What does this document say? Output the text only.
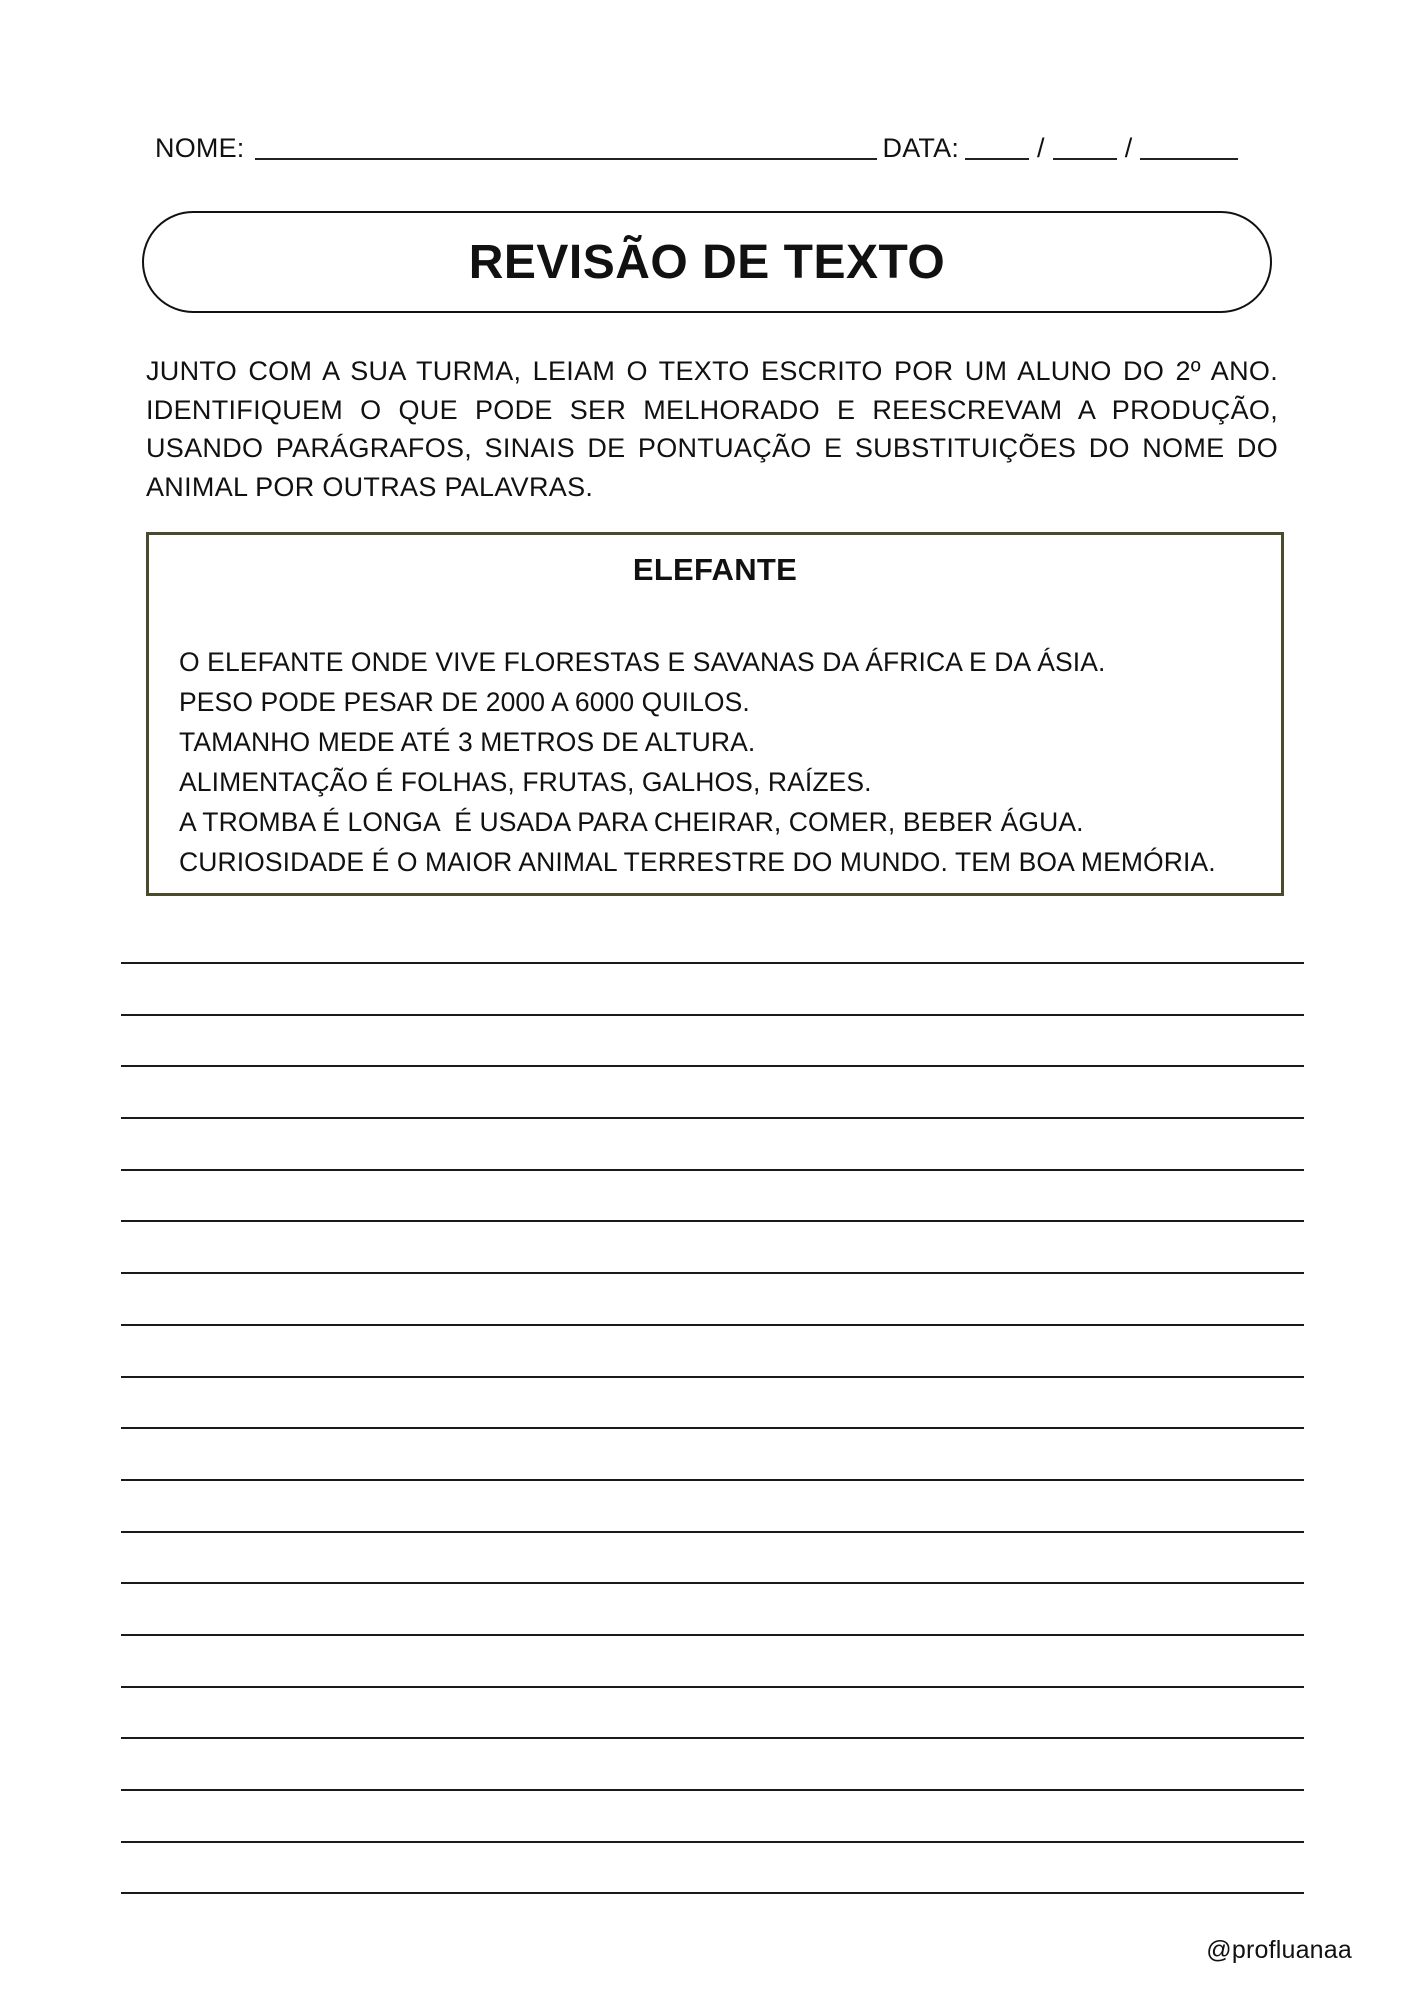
NOME:	DATA:	/	/
REVISÃO DE TEXTO
JUNTO COM A SUA TURMA, LEIAM O TEXTO ESCRITO POR UM ALUNO DO 2º ANO. IDENTIFIQUEM O QUE PODE SER MELHORADO E REESCREVAM A PRODUÇÃO, USANDO PARÁGRAFOS, SINAIS DE PONTUAÇÃO E SUBSTITUIÇÕES DO NOME DO ANIMAL POR OUTRAS PALAVRAS.
ELEFANTE
O ELEFANTE ONDE VIVE FLORESTAS E SAVANAS DA ÁFRICA E DA ÁSIA.
PESO PODE PESAR DE 2000 A 6000 QUILOS.
TAMANHO MEDE ATÉ 3 METROS DE ALTURA.
ALIMENTAÇÃO É FOLHAS, FRUTAS, GALHOS, RAÍZES.
A TROMBA É LONGA  É USADA PARA CHEIRAR, COMER, BEBER ÁGUA.
CURIOSIDADE É O MAIOR ANIMAL TERRESTRE DO MUNDO. TEM BOA MEMÓRIA.
@profluanaa
